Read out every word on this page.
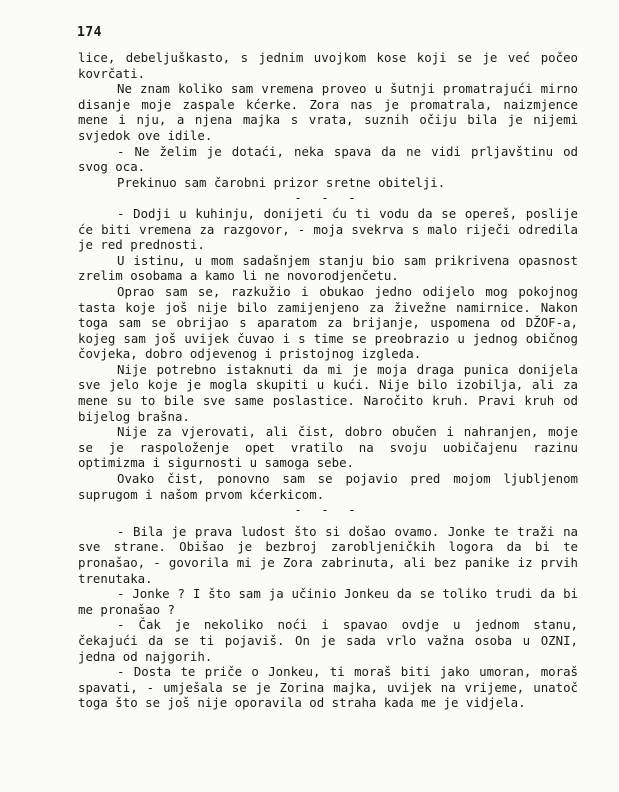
174

lice, debeljuškasto, s jednim uvojkom kose koji se je već počeo kovrčati.

Ne znam koliko sam vremena proveo u šutnji promatrajući mirno disanje moje zaspale kćerke. Zora nas je promatrala, naizmjence mene i nju, a njena majka s vrata, suznih očiju bila je nijemi svjedok ove idile.

- Ne želim je dotaći, neka spava da ne vidi prljavštinu od svog oca.

Prekinuo sam čarobni prizor sretne obitelji.

- - -

- Dodji u kuhinju, donijeti ću ti vodu da se opereš, poslije će biti vremena za razgovor, - moja svekrva s malo riječi odredila je red prednosti.

U istinu, u mom sadašnjem stanju bio sam prikrivena opasnost zrelim osobama a kamo li ne novorodjenčetu.

Oprao sam se, razkužio i obukao jedno odijelo mog pokojnog tasta koje još nije bilo zamijenjeno za živežne namirnice. Nakon toga sam se obrijao s aparatom za brijanje, uspomena od DŽOF-a, kojeg sam još uvijek čuvao i s time se preobrazio u jednog običnog čovjeka, dobro odjevenog i pristojnog izgleda.

Nije potrebno istaknuti da mi je moja draga punica donijela sve jelo koje je mogla skupiti u kući. Nije bilo izobilja, ali za mene su to bile sve same poslastice. Naročito kruh. Pravi kruh od bijelog brašna.

Nije za vjerovati, ali čist, dobro obučen i nahranjen, moje se je raspoloženje opet vratilo na svoju uobičajenu razinu optimizma i sigurnosti u samoga sebe.

Ovako čist, ponovno sam se pojavio pred mojom ljubljenom suprugom i našom prvom kćerkicom.

- - -

- Bila je prava ludost što si došao ovamo. Jonke te traži na sve strane. Obišao je bezbroj zarobljeničkih logora da bi te pronašao, - govorila mi je Zora zabrinuta, ali bez panike iz prvih trenutaka.

- Jonke ? I što sam ja učinio Jonkeu da se toliko trudi da bi me pronašao ?

- Čak je nekoliko noći i spavao ovdje u jednom stanu, čekajući da se ti pojaviš. On je sada vrlo važna osoba u OZNI, jedna od najgorih.

- Dosta te priče o Jonkeu, ti moraš biti jako umoran, moraš spavati, - umješala se je Zorina majka, uvijek na vrijeme, unatoč toga što se još nije oporavila od straha kada me je vidjela.
